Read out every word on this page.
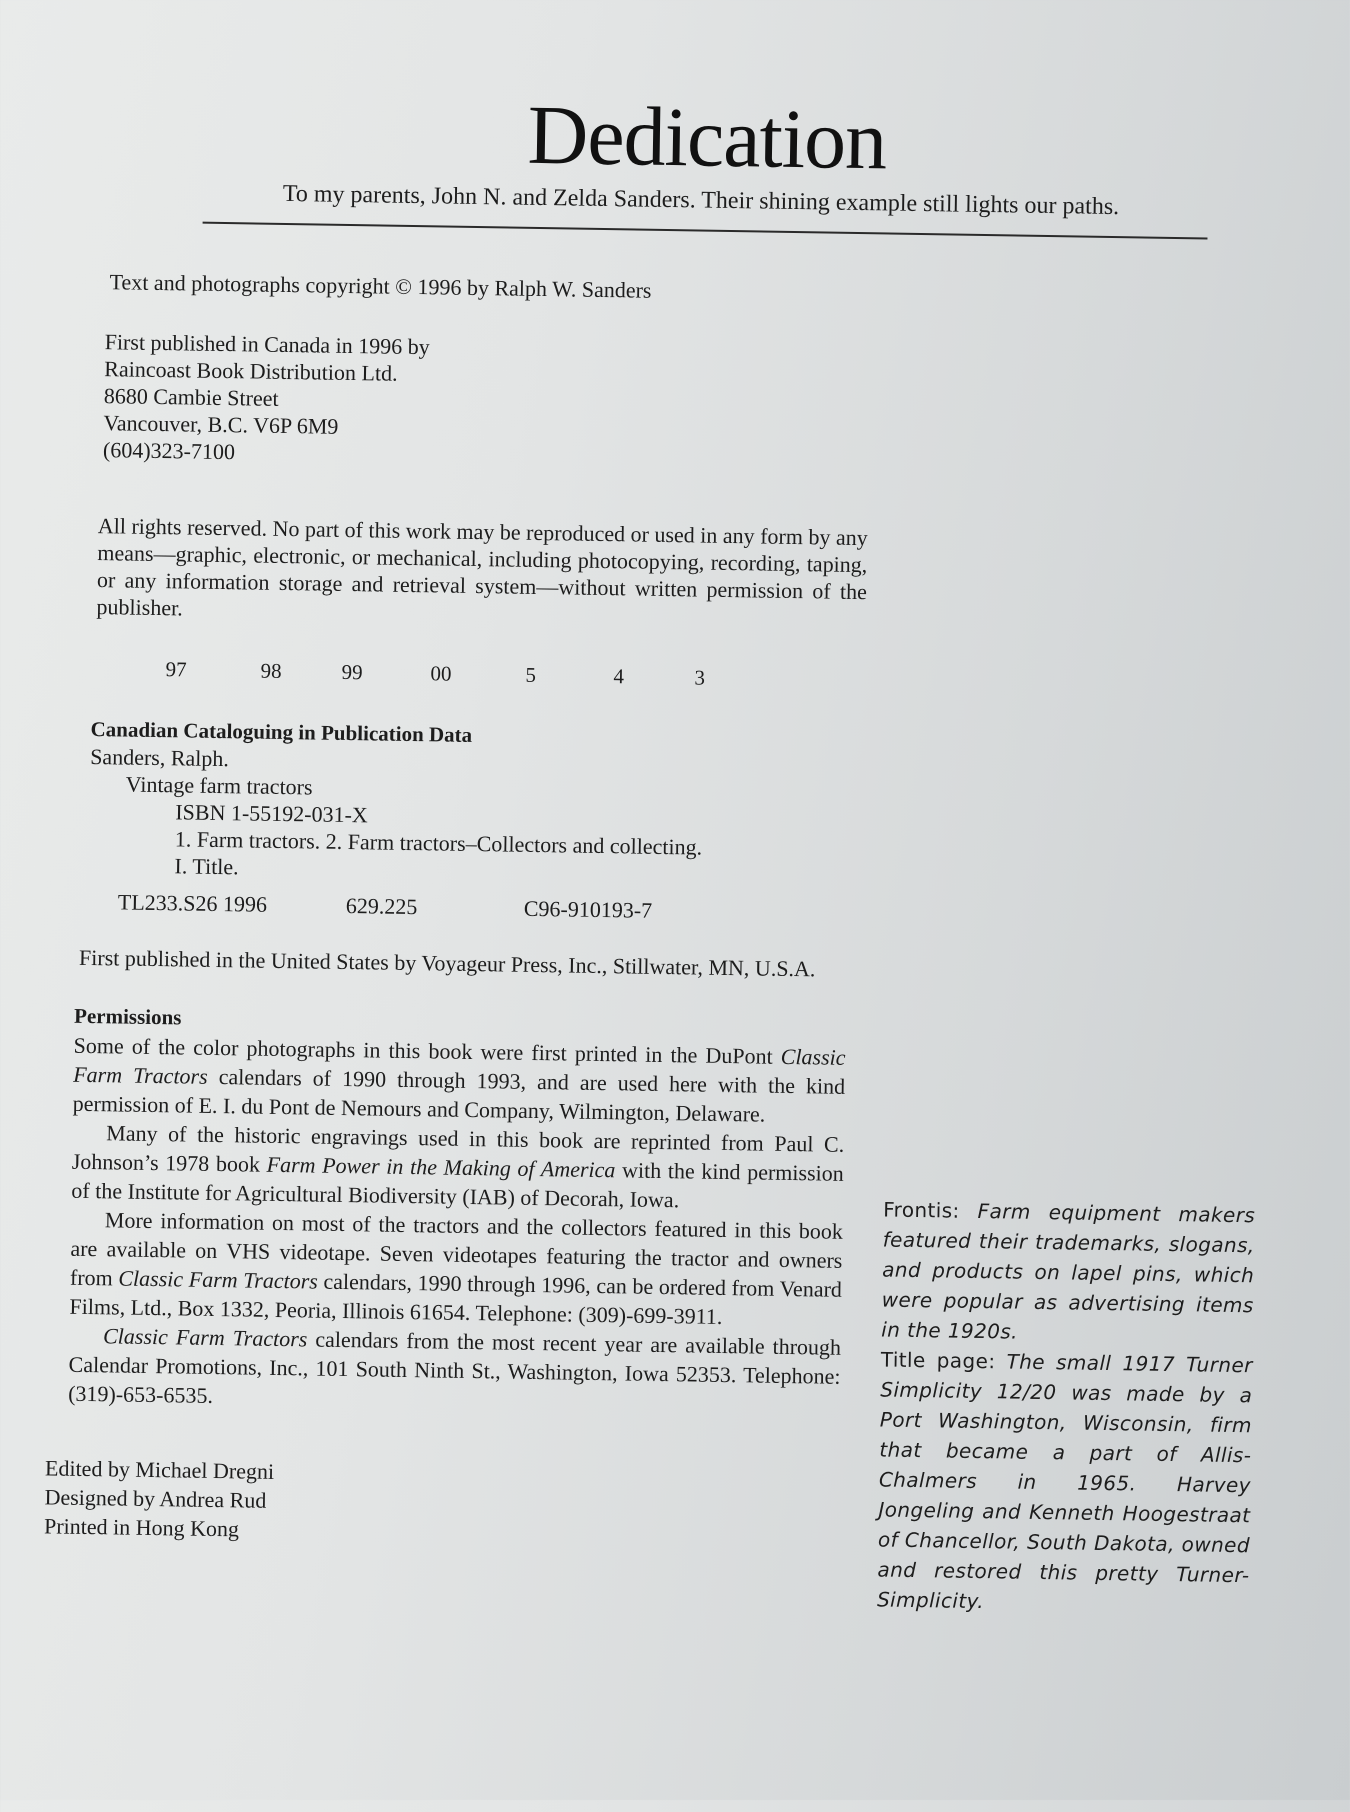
Dedication
To my parents, John N. and Zelda Sanders. Their shining example still lights our paths.
Text and photographs copyright © 1996 by Ralph W. Sanders
First published in Canada in 1996 by
Raincoast Book Distribution Ltd.
8680 Cambie Street
Vancouver, B.C. V6P 6M9
(604)323-7100
All rights reserved. No part of this work may be reproduced or used in any form by any means—graphic, electronic, or mechanical, including photocopying, recording, taping, or any information storage and retrieval system—without written permission of the publisher.
97	98	99	00	5	4	3
Canadian Cataloguing in Publication Data
Sanders, Ralph.
Vintage farm tractors
ISBN 1-55192-031-X
1. Farm tractors. 2. Farm tractors–Collectors and collecting.
I. Title.
TL233.S26 1996	629.225	C96-910193-7
First published in the United States by Voyageur Press, Inc., Stillwater, MN, U.S.A.
Permissions

Some of the color photographs in this book were first printed in the DuPont Classic Farm Tractors calendars of 1990 through 1993, and are used here with the kind permission of E. I. du Pont de Nemours and Company, Wilmington, Delaware.

Many of the historic engravings used in this book are reprinted from Paul C. Johnson’s 1978 book Farm Power in the Making of America with the kind permission of the Institute for Agricultural Biodiversity (IAB) of Decorah, Iowa.

More information on most of the tractors and the collectors featured in this book are available on VHS videotape. Seven videotapes featuring the tractor and owners from Classic Farm Tractors calendars, 1990 through 1996, can be ordered from Venard Films, Ltd., Box 1332, Peoria, Illinois 61654. Telephone: (309)-699-3911.

Classic Farm Tractors calendars from the most recent year are available through Calendar Promotions, Inc., 101 South Ninth St., Washington, Iowa 52353. Telephone: (319)-653-6535.

Edited by Michael Dregni
Designed by Andrea Rud
Printed in Hong Kong

Frontis: Farm equipment makers featured their trademarks, slogans, and products on lapel pins, which were popular as advertising items in the 1920s.

Title page: The small 1917 Turner Simplicity 12/20 was made by a Port Washington, Wisconsin, firm that became a part of Allis-Chalmers in 1965. Harvey Jongeling and Kenneth Hoogestraat of Chancellor, South Dakota, owned and restored this pretty Turner-Simplicity.
